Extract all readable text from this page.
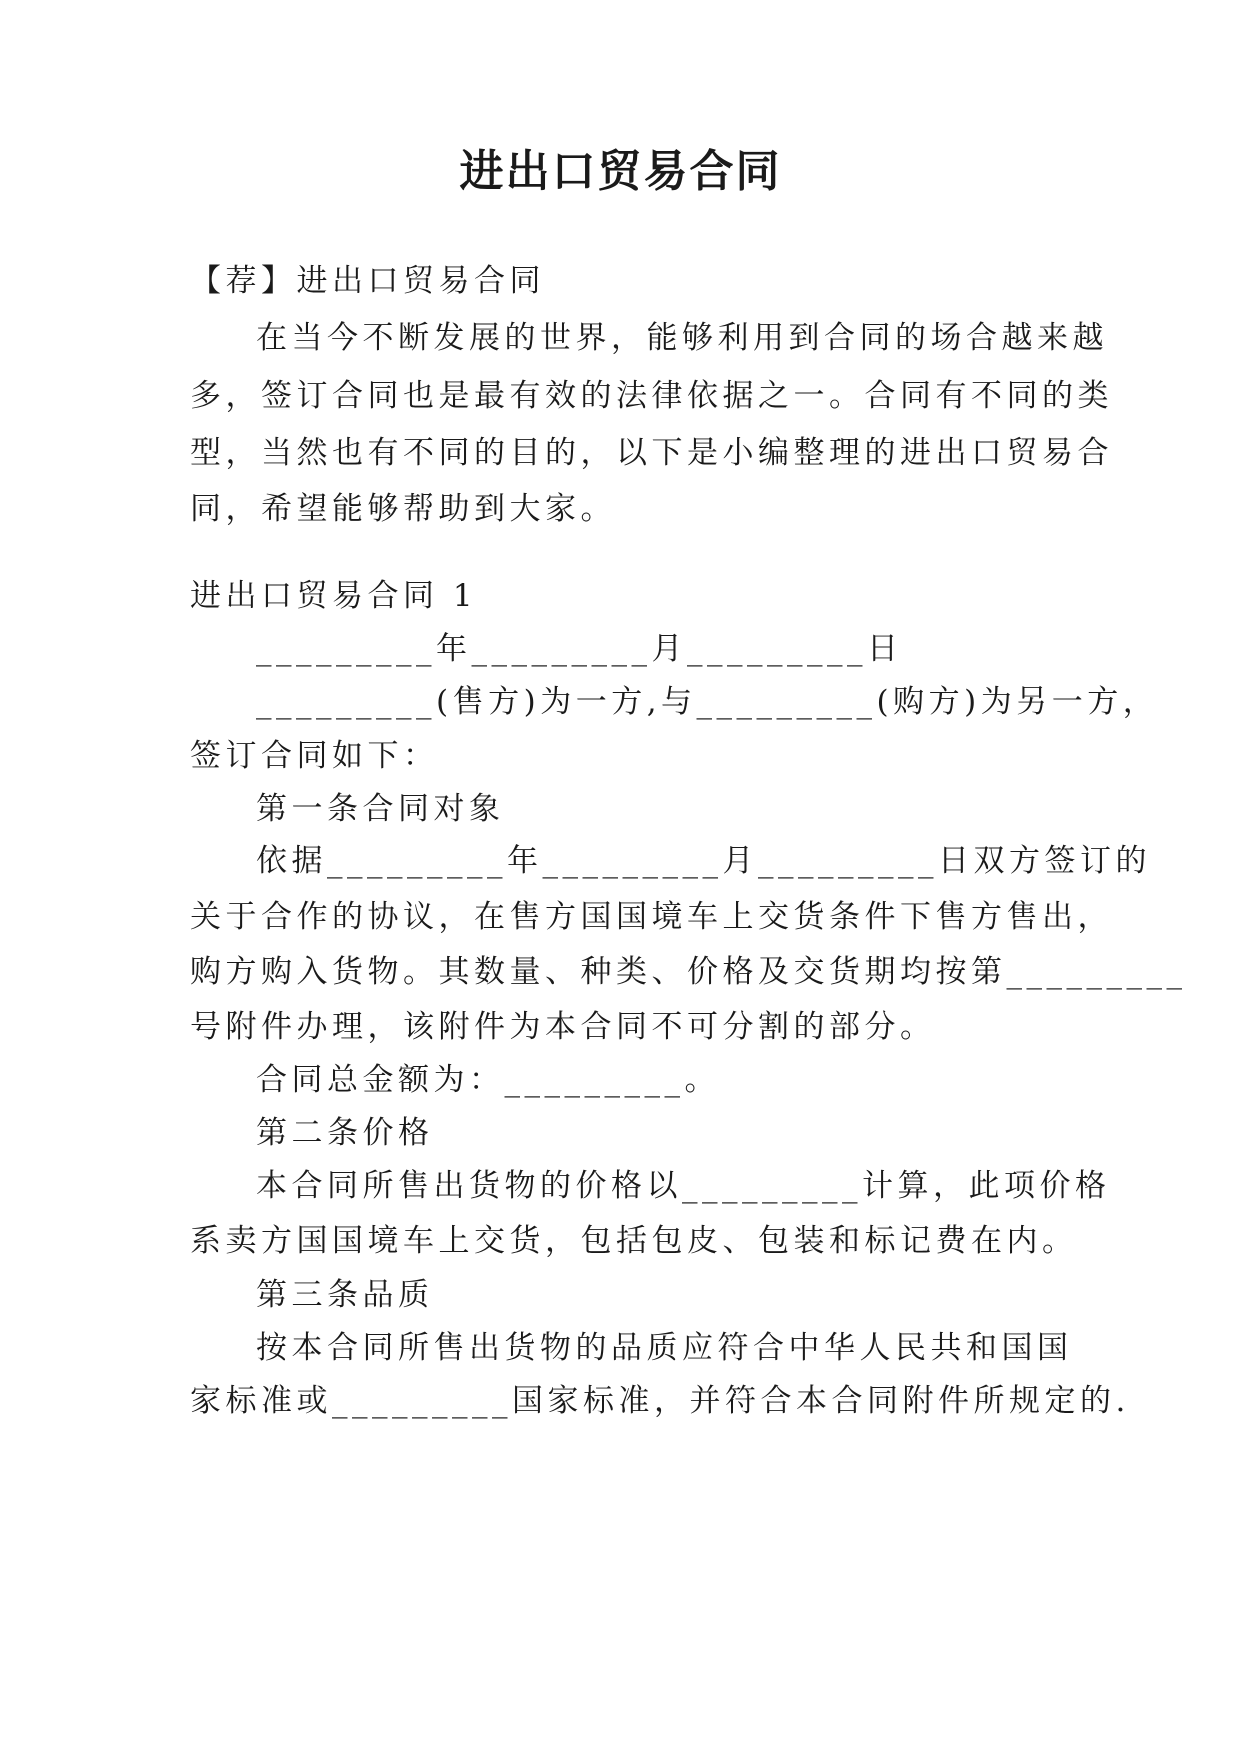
进出口贸易合同
【荐】进出口贸易合同
在当今不断发展的世界，能够利用到合同的场合越来越
多，签订合同也是最有效的法律依据之一。合同有不同的类
型，当然也有不同的目的，以下是小编整理的进出口贸易合
同，希望能够帮助到大家。
进出口贸易合同 1
_________年_________月_________日
_________(售方)为一方,与_________(购方)为另一方，
签订合同如下：
第一条合同对象
依据_________年_________月_________日双方签订的
关于合作的协议，在售方国国境车上交货条件下售方售出，
购方购入货物。其数量、种类、价格及交货期均按第_________
号附件办理，该附件为本合同不可分割的部分。
合同总金额为：_________。
第二条价格
本合同所售出货物的价格以_________计算，此项价格
系卖方国国境车上交货，包括包皮、包装和标记费在内。
第三条品质
按本合同所售出货物的品质应符合中华人民共和国国
家标准或_________国家标准，并符合本合同附件所规定的.
